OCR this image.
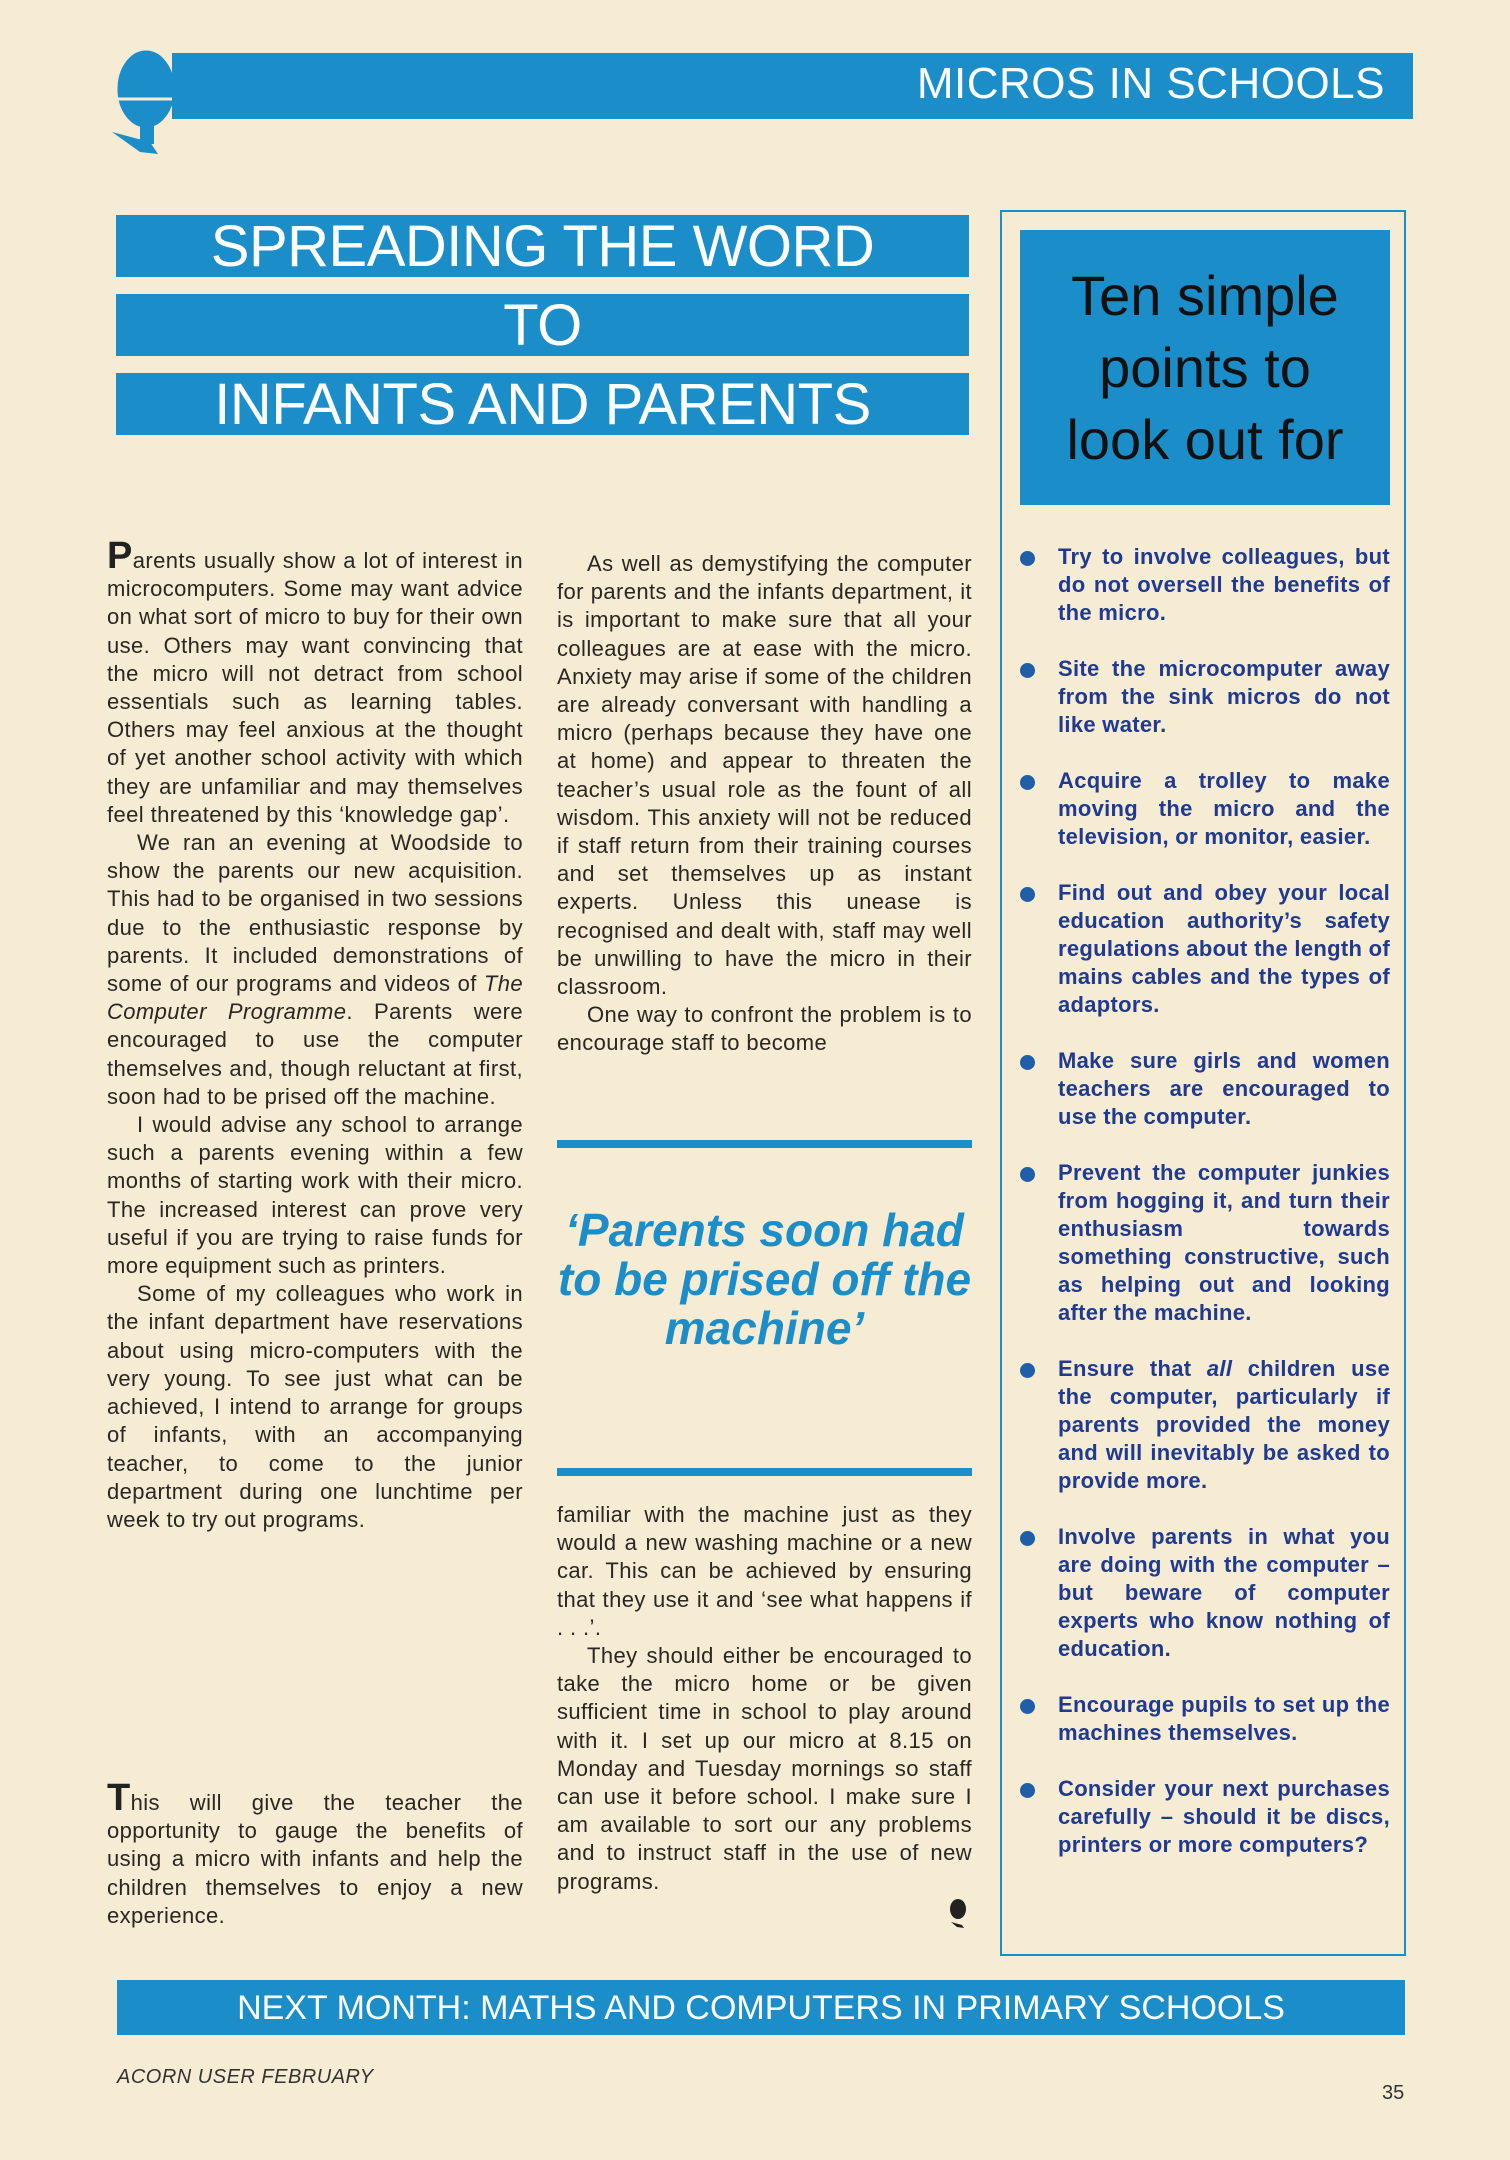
MICROS IN SCHOOLS
SPREADING THE WORD
TO
INFANTS AND PARENTS

Parents usually show a lot of interest in microcomputers. Some may want advice on what sort of micro to buy for their own use. Others may want convincing that the micro will not detract from school essentials such as learning tables. Others may feel anxious at the thought of yet another school activity with which they are unfamiliar and may themselves feel threatened by this ‘knowledge gap’.

We ran an evening at Woodside to show the parents our new acquisition. This had to be organised in two sessions due to the enthusiastic response by parents. It included demonstrations of some of our programs and videos of The Computer Programme. Parents were encouraged to use the computer themselves and, though reluctant at first, soon had to be prised off the machine.

I would advise any school to arrange such a parents evening within a few months of starting work with their micro. The increased interest can prove very useful if you are trying to raise funds for more equipment such as printers.

Some of my colleagues who work in the infant department have reservations about using micro-computers with the very young. To see just what can be achieved, I intend to arrange for groups of infants, with an accompanying teacher, to come to the junior department during one lunchtime per week to try out programs.

This will give the teacher the opportunity to gauge the benefits of using a micro with infants and help the children themselves to enjoy a new experience.

As well as demystifying the computer for parents and the infants department, it is important to make sure that all your colleagues are at ease with the micro. Anxiety may arise if some of the children are already conversant with handling a micro (perhaps because they have one at home) and appear to threaten the teacher’s usual role as the fount of all wisdom. This anxiety will not be reduced if staff return from their training courses and set themselves up as instant experts. Unless this unease is recognised and dealt with, staff may well be unwilling to have the micro in their classroom.

One way to confront the problem is to encourage staff to become

‘Parents soon had to be prised off the machine’

familiar with the machine just as they would a new washing machine or a new car. This can be achieved by ensuring that they use it and ‘see what happens if . . .’.

They should either be encouraged to take the micro home or be given sufficient time in school to play around with it. I set up our micro at 8.15 on Monday and Tuesday mornings so staff can use it before school. I make sure I am available to sort our any problems and to instruct staff in the use of new programs.

Ten simple
points to
look out for
Try to involve colleagues, but do not oversell the benefits of the micro.
Site the microcomputer away from the sink micros do not like water.
Acquire a trolley to make moving the micro and the television, or monitor, easier.
Find out and obey your local education authority’s safety regulations about the length of mains cables and the types of adaptors.
Make sure girls and women teachers are encouraged to use the computer.
Prevent the computer junkies from hogging it, and turn their enthusiasm towards something constructive, such as helping out and looking after the machine.
Ensure that all children use the computer, particularly if parents provided the money and will inevitably be asked to provide more.
Involve parents in what you are doing with the computer – but beware of computer experts who know nothing of education.
Encourage pupils to set up the machines themselves.
Consider your next purchases carefully – should it be discs, printers or more computers?
NEXT MONTH: MATHS AND COMPUTERS IN PRIMARY SCHOOLS
ACORN USER FEBRUARY
35
